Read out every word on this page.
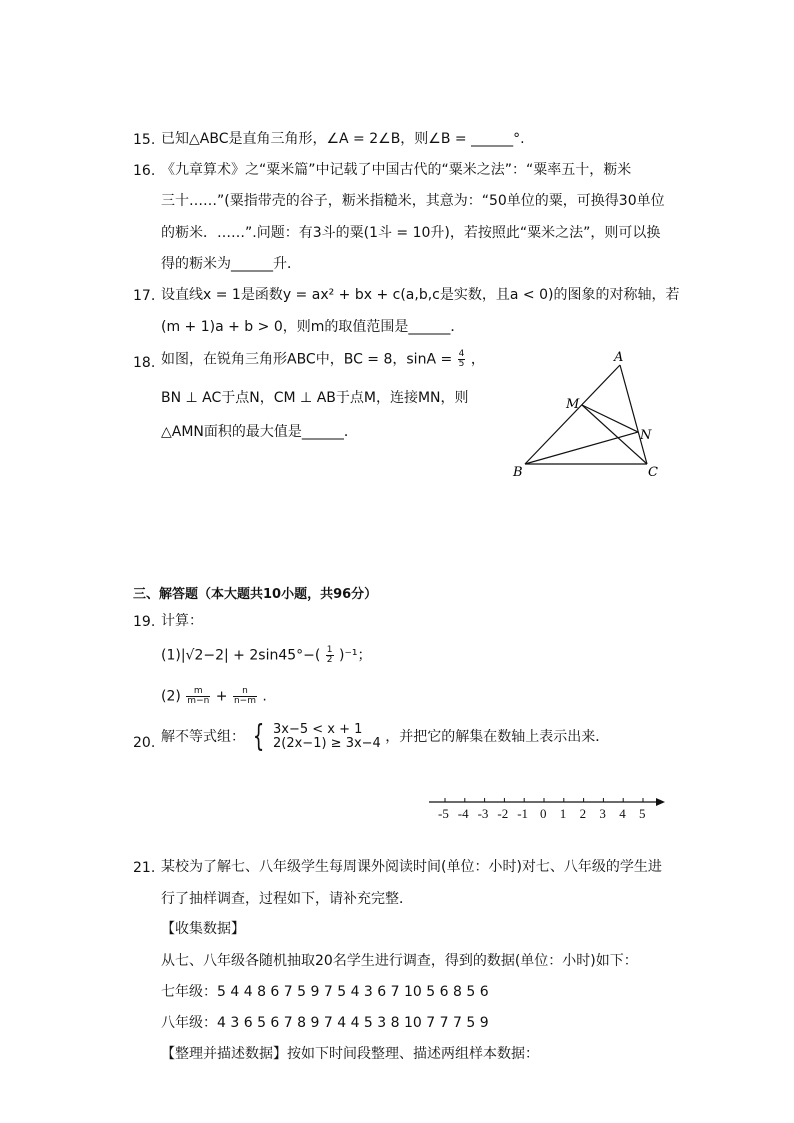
15. 已知△ABC是直角三角形，∠A = 2∠B，则∠B = ______°.
16. 《九章算术》之“粟米篇”中记载了中国古代的“粟米之法”：“粟率五十，粝米
三十……”(粟指带壳的谷子，粝米指糙米，其意为：“50单位的粟，可换得30单位
的粝米．……”.问题：有3斗的粟(1斗 = 10升)，若按照此“粟米之法”，则可以换
得的粝米为______升．
17. 设直线x = 1是函数y = ax² + bx + c(a,b,c是实数，且a < 0)的图象的对称轴，若
(m + 1)a + b > 0，则m的取值范围是______．
18. 如图，在锐角三角形ABC中，BC = 8，$\sin A = \frac{4}{5}$ ，
BN ⊥ AC于点N，CM ⊥ AB于点M，连接MN，则
△AMN面积的最大值是______．
A
M
N
B	C
三、解答题（本大题共10小题，共96分）
19. 计算：
$(1)|√2-2| + 2\sin 45^\circ-( \frac{1}{2} )^{-1}$；
$(2) \frac{m}{m-n} + \frac{n}{n-m}$ .
20. 解不等式组： { 3x−5 < x + 1
2(2x−1) ≥ 3x−4 ，并把它的解集在数轴上表示出来．
-5 -4 -3 -2 -1 0 1 2 3 4 5
21. 某校为了解七、八年级学生每周课外阅读时间(单位：小时)对七、八年级的学生进
行了抽样调查，过程如下，请补充完整．
【收集数据】
从七、八年级各随机抽取20名学生进行调查，得到的数据(单位：小时)如下：
七年级：5 4 4 8 6 7 5 9 7 5 4 3 6 7 10 5 6 8 5 6
八年级：4 3 6 5 6 7 8 9 7 4 4 5 3 8 10 7 7 7 5 9
【整理并描述数据】按如下时间段整理、描述两组样本数据：
